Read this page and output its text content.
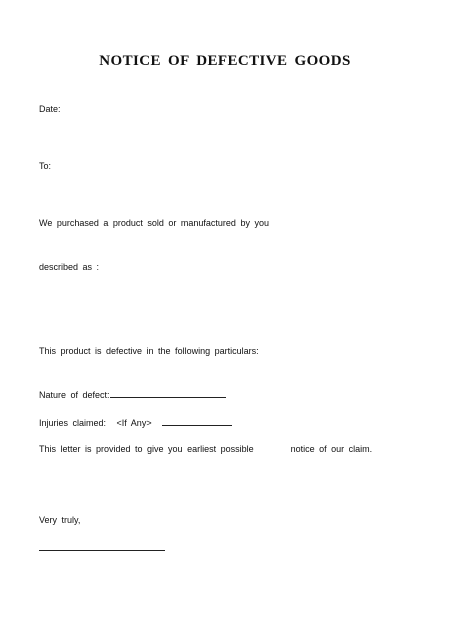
NOTICE OF DEFECTIVE GOODS
Date:
To:
We purchased a product sold or manufactured by you
described as :
This product is defective in the following particulars:
Nature of defect:
Injuries claimed: <If Any>
This letter is provided to give you earliest possible	notice of our claim.
Very truly,
